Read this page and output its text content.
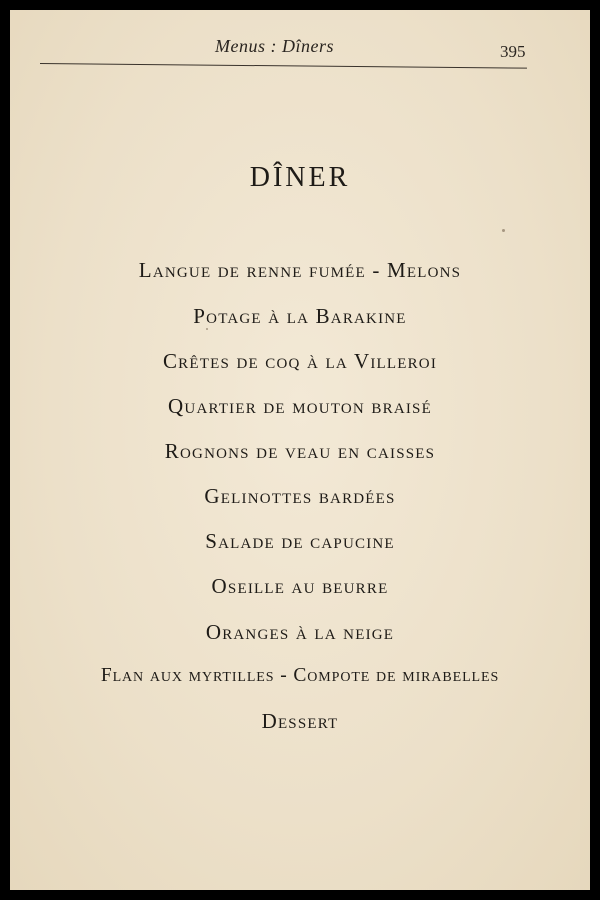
Menus : Dîners	395
DÎNER
Langue de renne fumée - Melons
Potage à la Barakine
Crêtes de coq à la Villeroi
Quartier de mouton braisé
Rognons de veau en caisses
Gelinottes bardées
Salade de capucine
Oseille au beurre
Oranges à la neige
Flan aux myrtilles - Compote de mirabelles
Dessert
